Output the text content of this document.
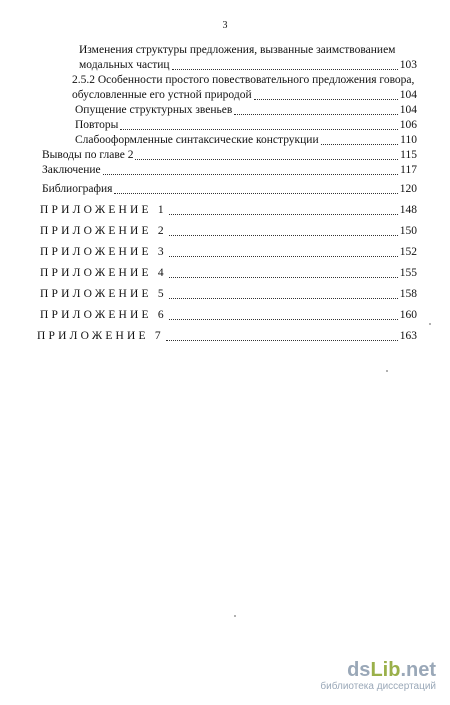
3
Изменения структуры предложения, вызванные заимствованием
модальных частиц	103
2.5.2 Особенности простого повествовательного предложения говора,
обусловленные его устной природой	104
Опущение структурных звеньев	104
Повторы	106
Слабооформленные синтаксические конструкции	110
Выводы по главе 2	115
Заключение	117
Библиография	120
ПРИЛОЖЕНИЕ 1	148
ПРИЛОЖЕНИЕ 2	150
ПРИЛОЖЕНИЕ 3	152
ПРИЛОЖЕНИЕ 4	155
ПРИЛОЖЕНИЕ 5	158
ПРИЛОЖЕНИЕ 6	160
ПРИЛОЖЕНИЕ 7	163
dsLib.net
библиотека диссертаций
